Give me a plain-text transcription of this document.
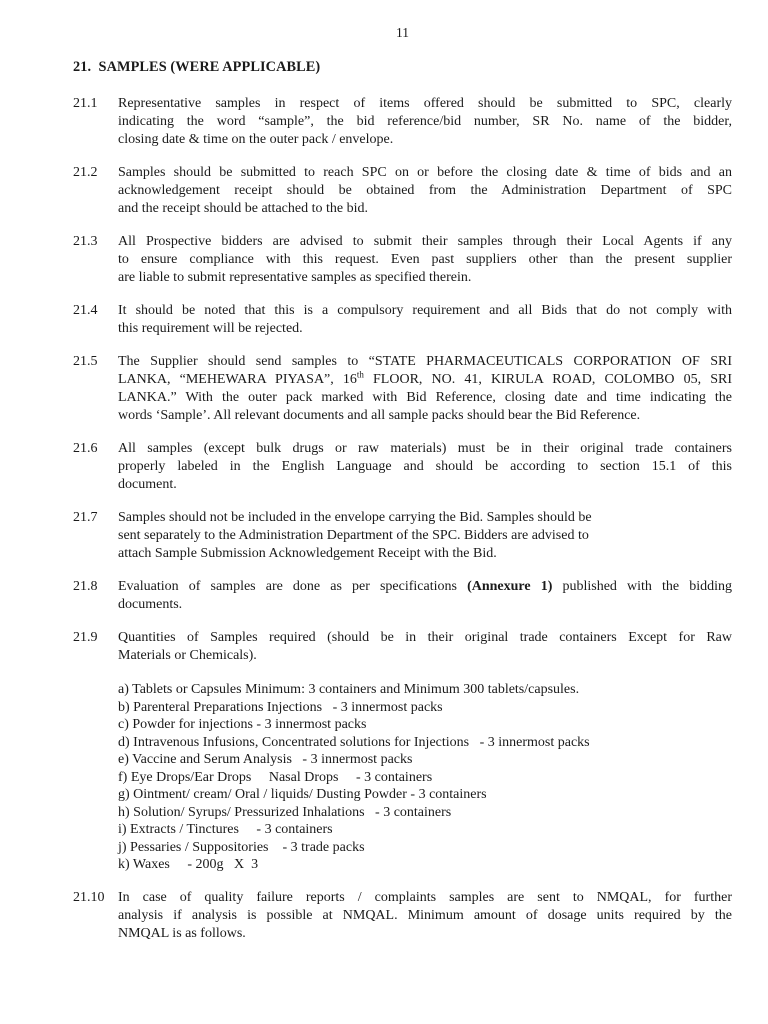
11
21.  SAMPLES (WERE APPLICABLE)
21.1	Representative samples in respect of items offered should be submitted to SPC, clearly
indicating the word “sample”, the bid reference/bid number, SR No. name of the bidder,
closing date & time on the outer pack / envelope.
21.2	Samples should be submitted to reach SPC on or before the closing date & time of bids and an
acknowledgement receipt should be obtained from the Administration Department of SPC
and the receipt should be attached to the bid.
21.3	All Prospective bidders are advised to submit their samples through their Local Agents if any
to ensure compliance with this request. Even past suppliers other than the present supplier
are liable to submit representative samples as specified therein.
21.4	It should be noted that this is a compulsory requirement and all Bids that do not comply with
this requirement will be rejected.
21.5	The Supplier should send samples to “STATE PHARMACEUTICALS CORPORATION OF SRI
LANKA, “MEHEWARA PIYASA”, 16th FLOOR, NO. 41, KIRULA ROAD, COLOMBO 05, SRI
LANKA.” With the outer pack marked with Bid Reference, closing date and time indicating the
words ‘Sample’. All relevant documents and all sample packs should bear the Bid Reference.
21.6	All samples (except bulk drugs or raw materials) must be in their original trade containers
properly labeled in the English Language and should be according to section 15.1 of this
document.
21.7	Samples should not be included in the envelope carrying the Bid. Samples should be
sent separately to the Administration Department of the SPC. Bidders are advised to
attach Sample Submission Acknowledgement Receipt with the Bid.
21.8	Evaluation of samples are done as per specifications (Annexure 1) published with the bidding
documents.
21.9	Quantities of Samples required (should be in their original trade containers Except for Raw
Materials or Chemicals).
a) Tablets or Capsules Minimum: 3 containers and Minimum 300 tablets/capsules.
b) Parenteral Preparations Injections   - 3 innermost packs
c) Powder for injections - 3 innermost packs
d) Intravenous Infusions, Concentrated solutions for Injections   - 3 innermost packs
e) Vaccine and Serum Analysis   - 3 innermost packs
f) Eye Drops/Ear Drops     Nasal Drops     - 3 containers
g) Ointment/ cream/ Oral / liquids/ Dusting Powder - 3 containers
h) Solution/ Syrups/ Pressurized Inhalations   - 3 containers
i) Extracts / Tinctures     - 3 containers
j) Pessaries / Suppositories    - 3 trade packs
k) Waxes     - 200g   X  3
21.10 In case of quality failure reports / complaints samples are sent to NMQAL, for further
analysis if analysis is possible at NMQAL. Minimum amount of dosage units required by the
NMQAL is as follows.
